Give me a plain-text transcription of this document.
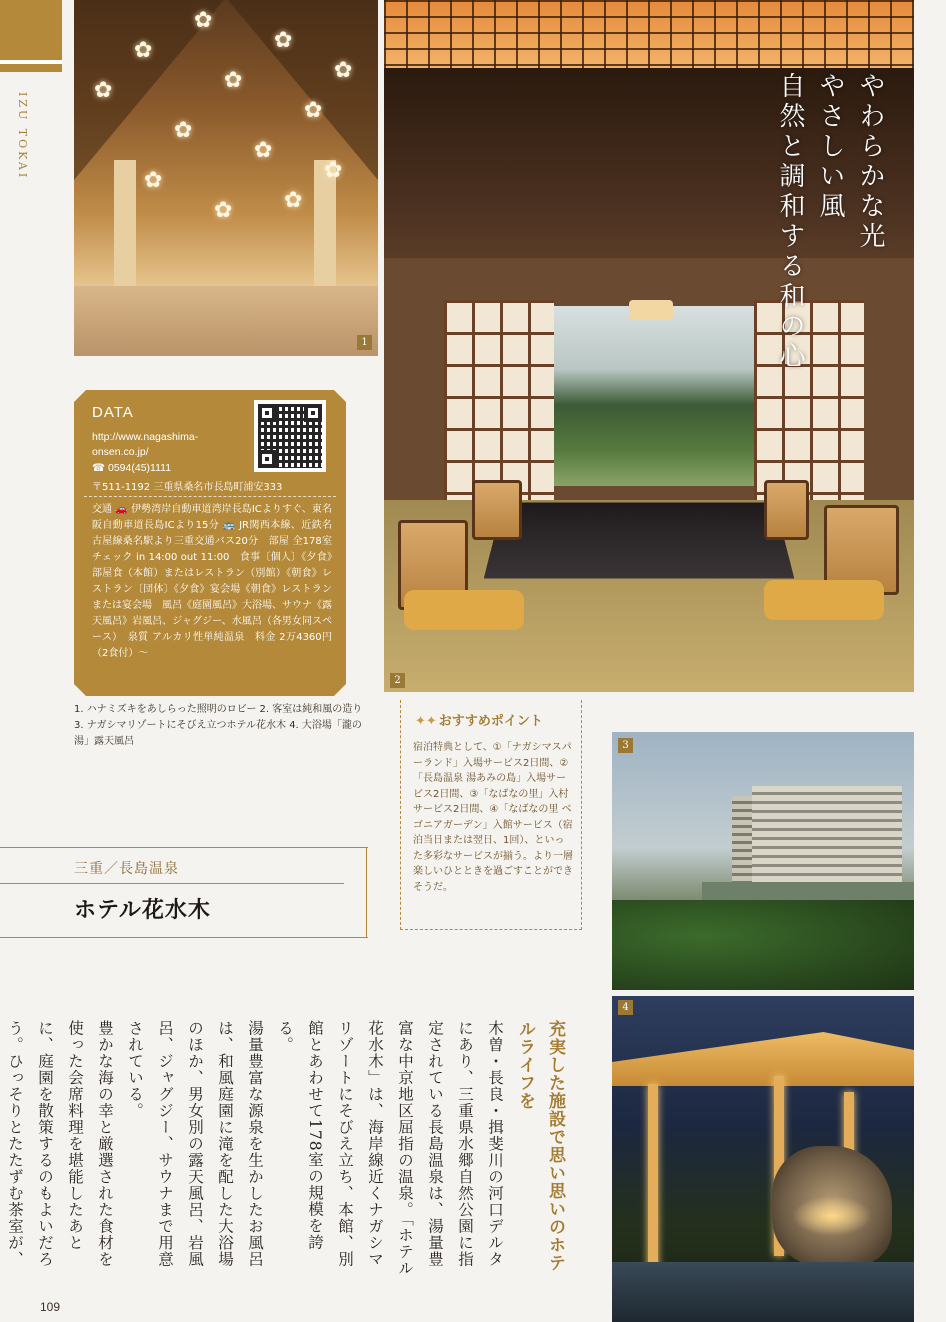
IZU TOKAI
✿
✿
✿
✿
✿
✿
✿
✿
✿
✿
✿ ✿
✿
1
2
やわらかな光
やさしい風
自然と調和する和の心
DATA
http://www.nagashima-onsen.co.jp/
☎ 0594(45)1111
〒511-1192 三重県桑名市長島町浦安333
交通 🚗 伊勢湾岸自動車道湾岸長島ICよりすぐ、東名阪自動車道長島ICより15分 🚌 JR関西本線、近鉄名古屋線桑名駅より三重交通バス20分　部屋 全178室　チェック in 14:00 out 11:00　食事〔個人〕《夕食》部屋食（本館）またはレストラン（別館）《朝食》レストラン〔団体〕《夕食》宴会場《朝食》レストランまたは宴会場　風呂《庭園風呂》大浴場、サウナ《露天風呂》岩風呂、ジャグジー、水風呂（各男女同スペース）　泉質 アルカリ性単純温泉　料金 2万4360円（2食付）～
1. ハナミズキをあしらった照明のロビー 2. 客室は純和風の造り 3. ナガシマリゾートにそびえ立つホテル花水木 4. 大浴場「瀧の湯」露天風呂
✦✦ おすすめポイント
宿泊特典として、①「ナガシマスパーランド」入場サービス2日間、②「長島温泉 湯あみの島」入場サービス2日間、③「なばなの里」入村サービス2日間、④「なばなの里 ベゴニアガーデン」入館サービス（宿泊当日または翌日、1回）、といった多彩なサービスが揃う。より一層楽しいひとときを過ごすことができそうだ。
3
4
三重／長島温泉
ホテル花水木
充実した施設で思い思いのホテルライフを

木曽・長良・揖斐川の河口デルタにあり、三重県水郷自然公園に指定されている長島温泉は、湯量豊富な中京地区屈指の温泉。「ホテル花水木」は、海岸線近くナガシマリゾートにそびえ立ち、本館、別館とあわせて178室の規模を誇る。

湯量豊富な源泉を生かしたお風呂は、和風庭園に滝を配した大浴場のほか、男女別の露天風呂、岩風呂、ジャグジー、サウナまで用意されている。

豊かな海の幸と厳選された食材を使った会席料理を堪能したあとに、庭園を散策するのもよいだろう。ひっそりとたたずむ茶室が、

109
